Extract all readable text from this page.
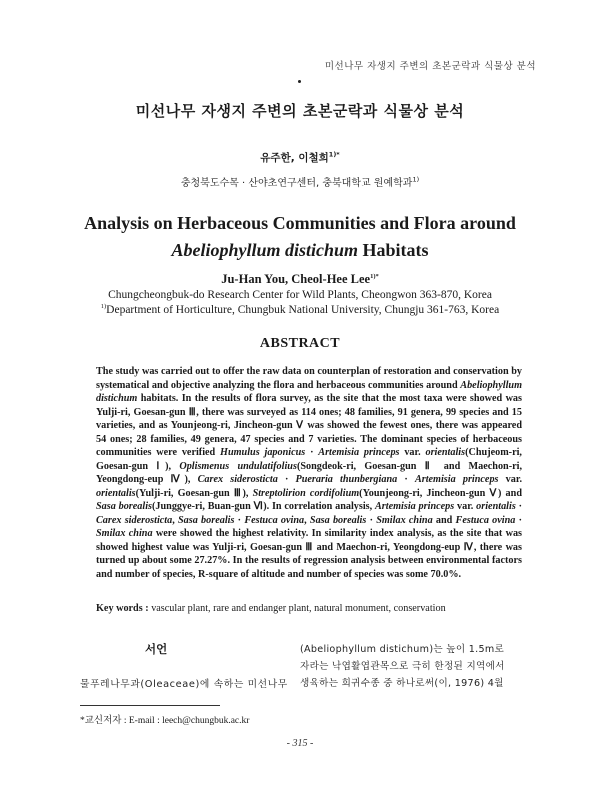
미선나무 자생지 주변의 초본군락과 식물상 분석
미선나무 자생지 주변의 초본군락과 식물상 분석
유주한, 이철희$^{1)*}$
충청북도수목 · 산야초연구센터, 충북대학교 원예학과$^{1)}$
Analysis on Herbaceous Communities and Flora around
Abeliophyllum distichum Habitats
Ju-Han You, Cheol-Hee Lee$^{1)*}$
Chungcheongbuk-do Research Center for Wild Plants, Cheongwon 363-870, Korea
$^{1)}$Department of Horticulture, Chungbuk National University, Chungju 361-763, Korea
ABSTRACT
The study was carried out to offer the raw data on counterplan of restoration and conservation by systematical and objective analyzing the flora and herbaceous communities around Abeliophyllum distichum habitats. In the results of flora survey, as the site that the most taxa were showed was Yulji-ri, Goesan-gun Ⅲ, there was surveyed as 114 ones; 48 families, 91 genera, 99 species and 15 varieties, and as Younjeong-ri, Jincheon-gun Ⅴ was showed the fewest ones, there was appeared 54 ones; 28 families, 49 genera, 47 species and 7 varieties. The dominant species of herbaceous communities were verified Humulus japonicus · Artemisia princeps var. orientalis(Chujeom-ri, Goesan-gun Ⅰ), Oplismenus undulatifolius(Songdeok-ri, Goesan-gun Ⅱ and Maechon-ri, Yeongdong-eup Ⅳ), Carex siderosticta · Pueraria thunbergiana · Artemisia princeps var. orientalis(Yulji-ri, Goesan-gun Ⅲ), Streptolirion cordifolium(Younjeong-ri, Jincheon-gun Ⅴ) and Sasa borealis(Junggye-ri, Buan-gun Ⅵ). In correlation analysis, Artemisia princeps var. orientalis · Carex siderosticta, Sasa borealis · Festuca ovina, Sasa borealis · Smilax china and Festuca ovina · Smilax china were showed the highest relativity. In similarity index analysis, as the site that was showed highest value was Yulji-ri, Goesan-gun Ⅲ and Maechon-ri, Yeongdong-eup Ⅳ, there was turned up about some 27.27%. In the results of regression analysis between environmental factors and number of species, R-square of altitude and number of species was some 70.0%.
Key words : vascular plant, rare and endanger plant, natural monument, conservation
서언
물푸레나무과(Oleaceae)에 속하는 미선나무
(Abeliophyllum distichum)는 높이 1.5m로
자라는 낙엽활엽관목으로 극히 한정된 지역에서
생육하는 희귀수종 중 하나로써(이, 1976) 4월
*교신저자 : E-mail : leech@chungbuk.ac.kr
- 315 -
